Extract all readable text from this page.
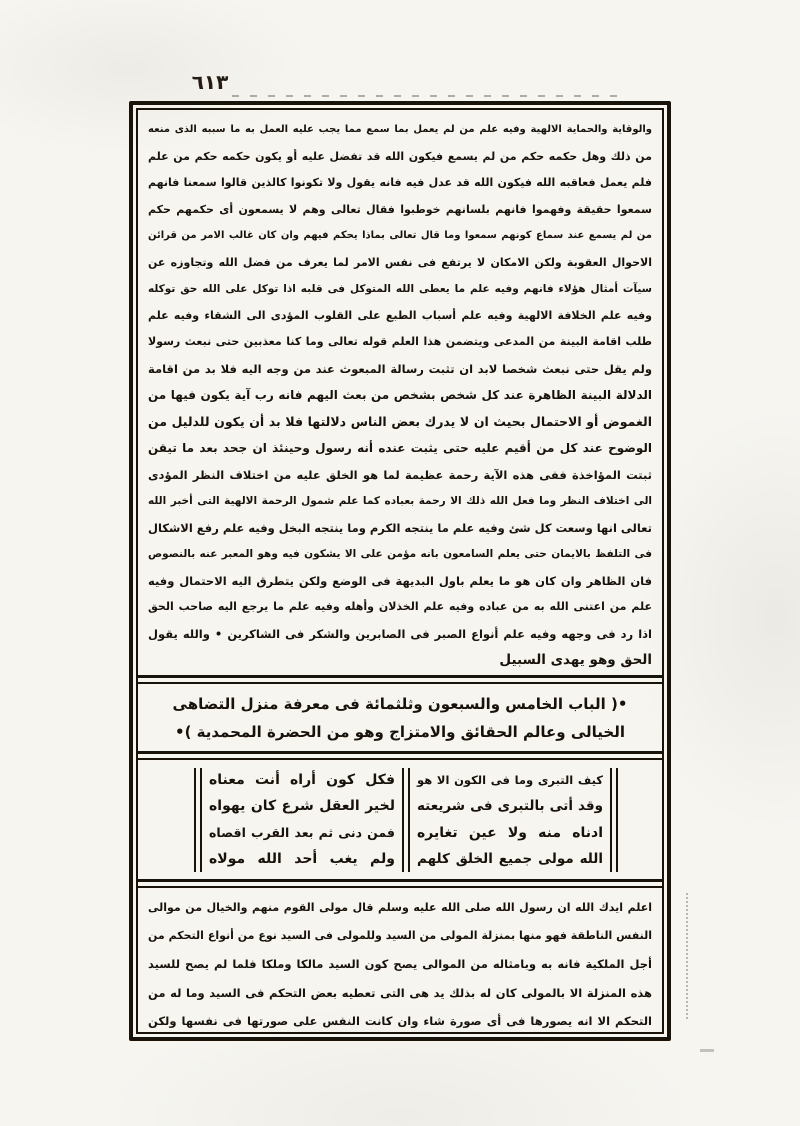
٦١٣
والوقاية والحماية الالهية وفيه علم من لم يعمل بما سمع مما يجب عليه العمل به ما سببه الذى منعه
من ذلك وهل حكمه حكم من لم يسمع فيكون الله قد تفضل عليه أو يكون حكمه حكم من علم
فلم يعمل فعاقبه الله فيكون الله قد عدل فيه فانه يقول ولا تكونوا كالذين قالوا سمعنا فانهم
سمعوا حقيقة وفهموا فانهم بلسانهم خوطبوا فقال تعالى وهم لا يسمعون أى حكمهم حكم
من لم يسمع عند سماع كونهم سمعوا وما قال تعالى بماذا يحكم فيهم وان كان غالب الامر من قرائن
الاحوال العقوبة ولكن الامكان لا يرتفع فى نفس الامر لما يعرف من فضل الله وتجاوزه عن
سيآت أمثال هؤلاء فانهم وفيه علم ما يعطى الله المتوكل فى قلبه اذا توكل على الله حق توكله
وفيه علم الخلافة الالهية وفيه علم أسباب الطبع على القلوب المؤدى الى الشقاء وفيه علم
طلب اقامة البينة من المدعى ويتضمن هذا العلم قوله تعالى وما كنا معذبين حتى نبعث رسولا
ولم يقل حتى نبعث شخصا لابد ان تثبت رسالة المبعوث عند من وجه اليه فلا بد من اقامة
الدلالة البينة الظاهرة عند كل شخص بشخص من بعث اليهم فانه رب آية يكون فيها من
الغموض أو الاحتمال بحيث ان لا يدرك بعض الناس دلالتها فلا بد أن يكون للدليل من
الوضوح عند كل من أقيم عليه حتى يثبت عنده أنه رسول وحينئذ ان جحد بعد ما تيقن
ثبتت المؤاخذة ففى هذه الآية رحمة عظيمة لما هو الخلق عليه من اختلاف النظر المؤدى
الى اختلاف النظر وما فعل الله ذلك الا رحمة بعباده كما علم شمول الرحمة الالهية التى أخبر الله
تعالى انها وسعت كل شئ وفيه علم ما ينتجه الكرم وما ينتجه البخل وفيه علم رفع الاشكال
فى التلفظ بالايمان حتى يعلم السامعون بانه مؤمن على الا يشكون فيه وهو المعبر عنه بالنصوص
فان الظاهر وان كان هو ما يعلم باول البديهة فى الوضع ولكن يتطرق اليه الاحتمال وفيه
علم من اعتنى الله به من عباده وفيه علم الخذلان وأهله وفيه علم ما يرجع اليه صاحب الحق
اذا رد فى وجهه وفيه علم أنواع الصبر فى الصابرين والشكر فى الشاكرين • والله يقول
الحق وهو يهدى السبيل
•( الباب الخامس والسبعون وثلثمائة فى معرفة منزل التضاهى
الخيالى وعالم الحقائق والامتزاج وهو من الحضرة المحمدية )•
كيف التبرى وما فى الكون الا هو
وقد أتى بالتبرى فى شريعته
ادناه منه ولا عين تغايره
الله مولى جميع الخلق كلهم
فكل كون أراه أنت معناه
لخير العقل شرع كان يهواه
فمن دنى ثم بعد القرب اقصاه
ولم يغب أحد الله مولاه
اعلم ايدك الله ان رسول الله صلى الله عليه وسلم قال مولى القوم منهم والخيال من موالى
النفس الناطقة فهو منها بمنزلة المولى من السيد وللمولى فى السيد نوع من أنواع التحكم من
أجل الملكية فانه به وبامثاله من الموالى يصح كون السيد مالكا وملكا فلما لم يصح للسيد
هذه المنزلة الا بالمولى كان له بذلك يد هى التى تعطيه بعض التحكم فى السيد وما له من
التحكم الا انه يصورها فى أى صورة شاء وان كانت النفس على صورتها فى نفسها ولكن
